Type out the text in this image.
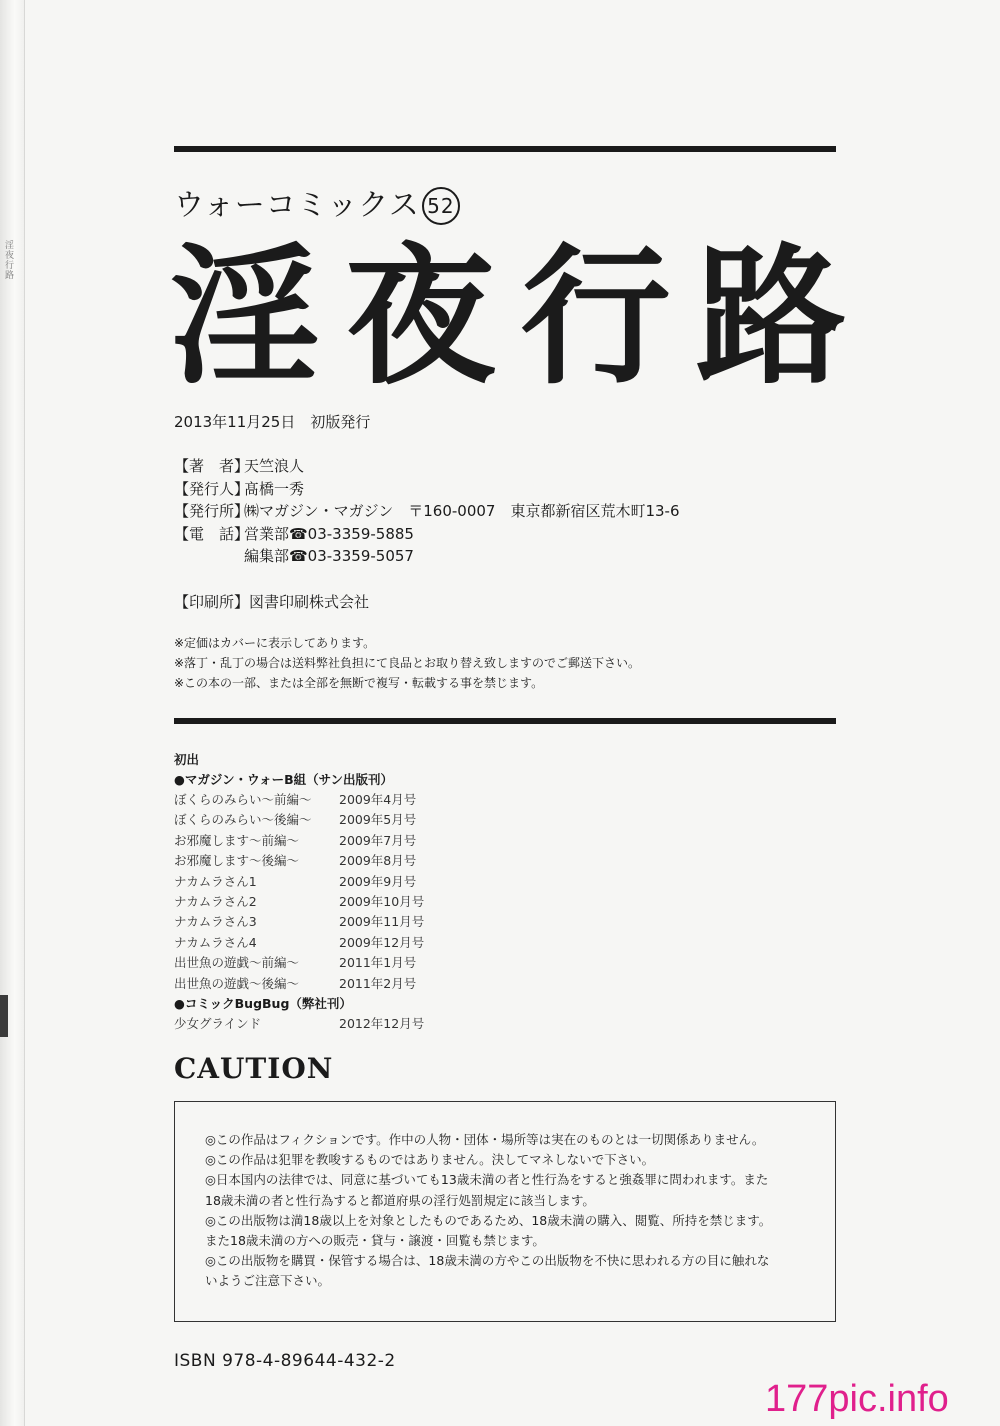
淫夜行路
ウォーコミックス 52
淫 夜 行 路
2013年11月25日　初版発行
【著　者】
天竺浪人
【発行人】
髙橋一秀
【発行所】
㈱マガジン・マガジン　〒160-0007　東京都新宿区荒木町13-6
【電　話】
営業部☎03-3359-5885
編集部☎03-3359-5057
【印刷所】図書印刷株式会社
※定価はカバーに表示してあります。
※落丁・乱丁の場合は送料弊社負担にて良品とお取り替え致しますのでご郵送下さい。
※この本の一部、または全部を無断で複写・転載する事を禁じます。
初出
●マガジン・ウォーB組（サン出版刊）
ぼくらのみらい～前編～	2009年4月号
ぼくらのみらい～後編～	2009年5月号
お邪魔します～前編～	2009年7月号
お邪魔します～後編～	2009年8月号
ナカムラさん1	2009年9月号
ナカムラさん2	2009年10月号
ナカムラさん3	2009年11月号
ナカムラさん4	2009年12月号
出世魚の遊戯～前編～	2011年1月号
出世魚の遊戯～後編～	2011年2月号
●コミックBugBug（弊社刊）
少女グラインド	2012年12月号
CAUTION
◎この作品はフィクションです。作中の人物・団体・場所等は実在のものとは一切関係ありません。
◎この作品は犯罪を教唆するものではありません。決してマネしないで下さい。
◎日本国内の法律では、同意に基づいても13歳未満の者と性行為をすると強姦罪に問われます。また
18歳未満の者と性行為すると都道府県の淫行処罰規定に該当します。
◎この出版物は満18歳以上を対象としたものであるため、18歳未満の購入、閲覧、所持を禁じます。
また18歳未満の方への販売・貸与・譲渡・回覧も禁じます。
◎この出版物を購買・保管する場合は、18歳未満の方やこの出版物を不快に思われる方の目に触れな
いようご注意下さい。
ISBN 978-4-89644-432-2
177pic.info
